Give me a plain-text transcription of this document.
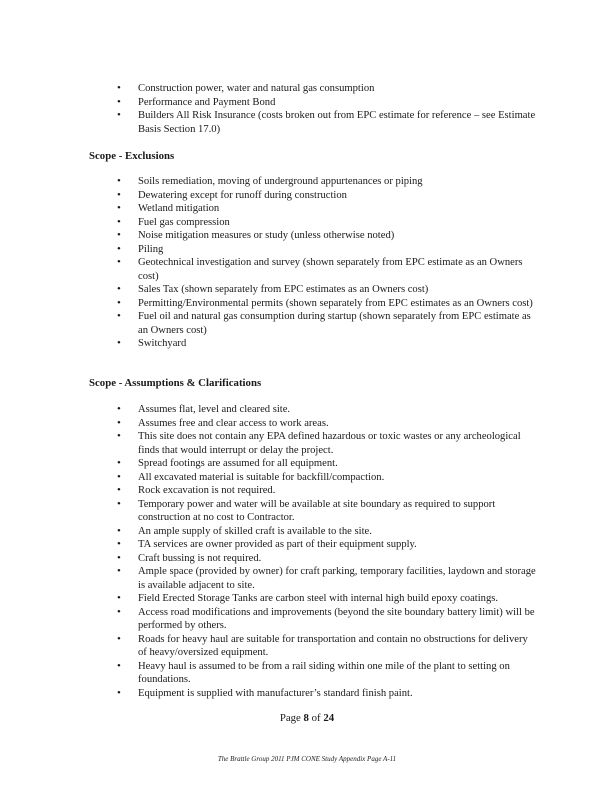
• Construction power, water and natural gas consumption
• Performance and Payment Bond
• Builders All Risk Insurance (costs broken out from EPC estimate for reference – see Estimate Basis Section 17.0)
Scope - Exclusions
• Soils remediation, moving of underground appurtenances or piping
• Dewatering except for runoff during construction
• Wetland mitigation
• Fuel gas compression
• Noise mitigation measures or study (unless otherwise noted)
• Piling
• Geotechnical investigation and survey (shown separately from EPC estimate as an Owners cost)
• Sales Tax (shown separately from EPC estimates as an Owners cost)
• Permitting/Environmental permits (shown separately from EPC estimates as an Owners cost)
• Fuel oil and natural gas consumption during startup (shown separately from EPC estimate as an Owners cost)
• Switchyard
Scope - Assumptions & Clarifications
• Assumes flat, level and cleared site.
• Assumes free and clear access to work areas.
• This site does not contain any EPA defined hazardous or toxic wastes or any archeological finds that would interrupt or delay the project.
• Spread footings are assumed for all equipment.
• All excavated material is suitable for backfill/compaction.
• Rock excavation is not required.
• Temporary power and water will be available at site boundary as required to support construction at no cost to Contractor.
• An ample supply of skilled craft is available to the site.
• TA services are owner provided as part of their equipment supply.
• Craft bussing is not required.
• Ample space (provided by owner) for craft parking, temporary facilities, laydown and storage is available adjacent to site.
• Field Erected Storage Tanks are carbon steel with internal high build epoxy coatings.
• Access road modifications and improvements (beyond the site boundary battery limit) will be performed by others.
• Roads for heavy haul are suitable for transportation and contain no obstructions for delivery of heavy/oversized equipment.
• Heavy haul is assumed to be from a rail siding within one mile of the plant to setting on foundations.
• Equipment is supplied with manufacturer’s standard finish paint.
Page 8 of 24
The Brattle Group 2011 PJM CONE Study Appendix Page A-11
